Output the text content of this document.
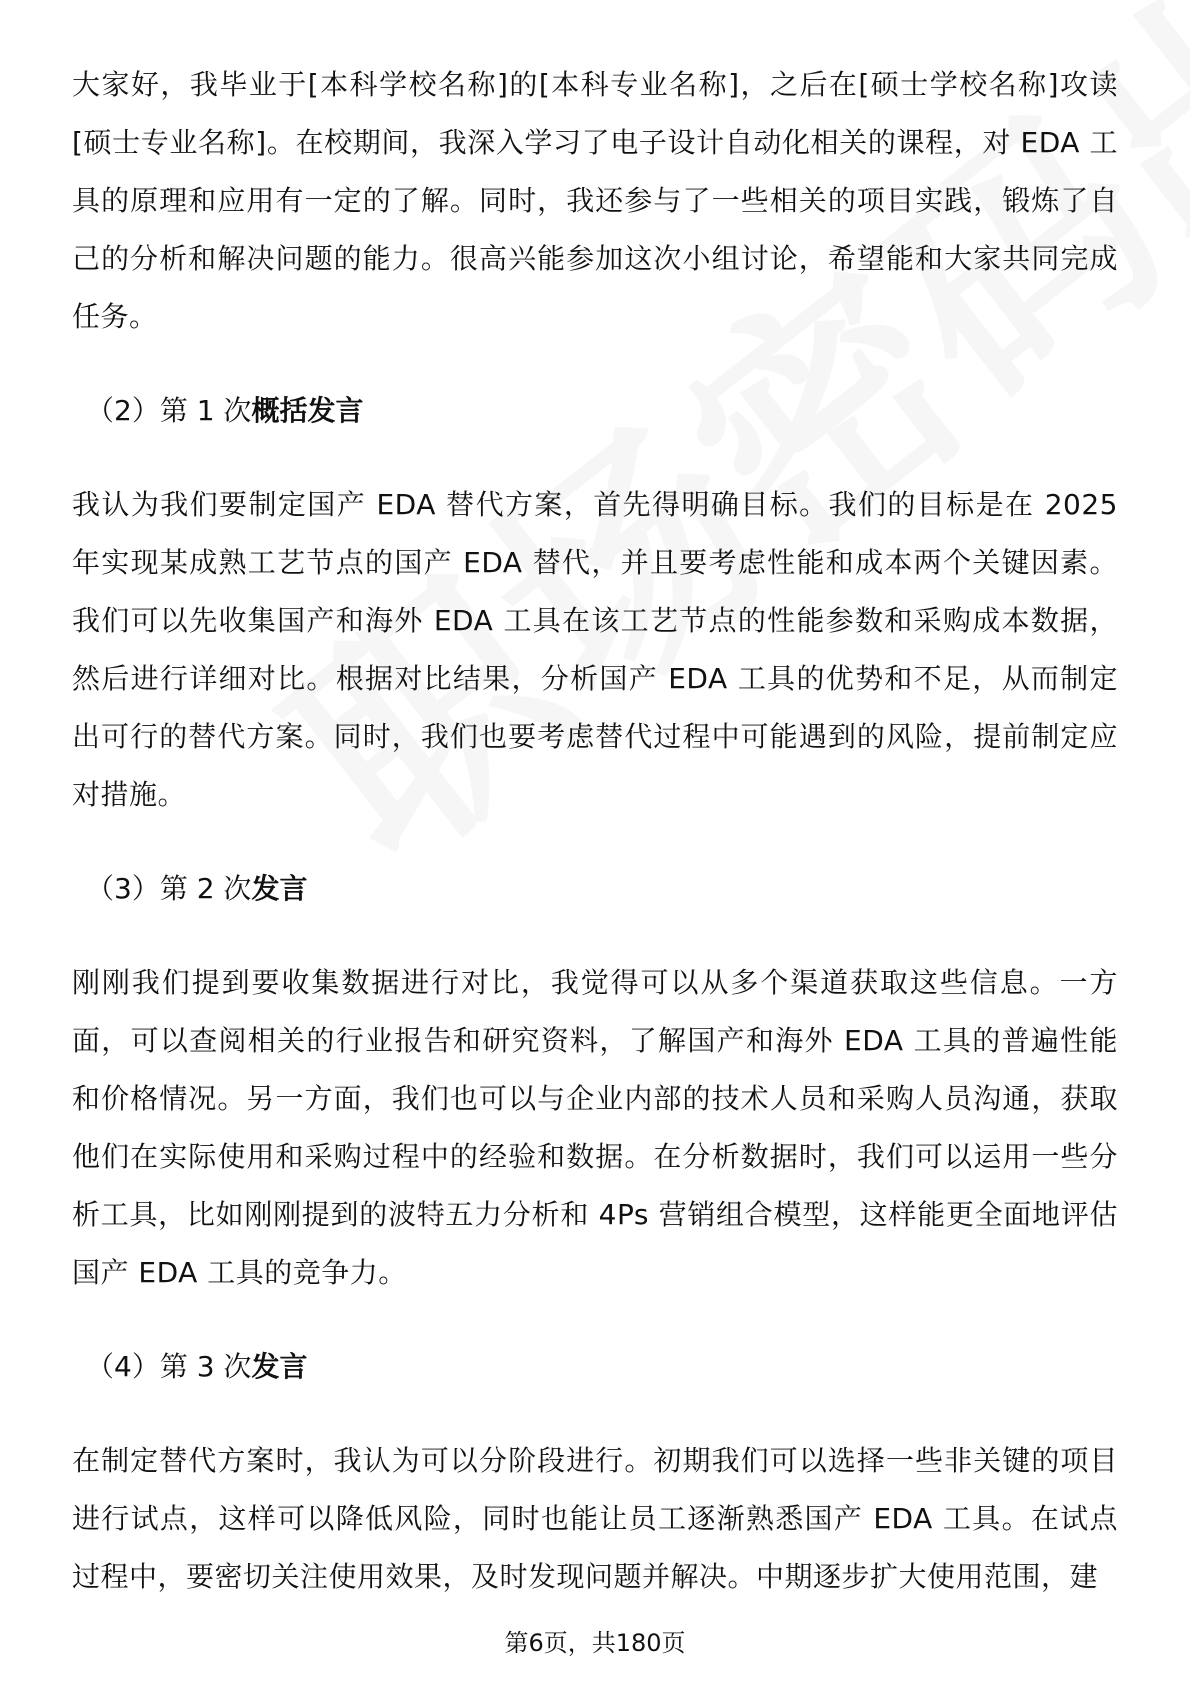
大家好，我毕业于[本科学校名称]的[本科专业名称]，之后在[硕士学校名称]攻读[硕士专业名称]。在校期间，我深入学习了电子设计自动化相关的课程，对 EDA 工具的原理和应用有一定的了解。同时，我还参与了一些相关的项目实践，锻炼了自己的分析和解决问题的能力。很高兴能参加这次小组讨论，希望能和大家共同完成任务。

（2）第 1 次概括发言

我认为我们要制定国产 EDA 替代方案，首先得明确目标。我们的目标是在 2025 年实现某成熟工艺节点的国产 EDA 替代，并且要考虑性能和成本两个关键因素。我们可以先收集国产和海外 EDA 工具在该工艺节点的性能参数和采购成本数据，然后进行详细对比。根据对比结果，分析国产 EDA 工具的优势和不足，从而制定出可行的替代方案。同时，我们也要考虑替代过程中可能遇到的风险，提前制定应对措施。

（3）第 2 次发言

刚刚我们提到要收集数据进行对比，我觉得可以从多个渠道获取这些信息。一方面，可以查阅相关的行业报告和研究资料，了解国产和海外 EDA 工具的普遍性能和价格情况。另一方面，我们也可以与企业内部的技术人员和采购人员沟通，获取他们在实际使用和采购过程中的经验和数据。在分析数据时，我们可以运用一些分析工具，比如刚刚提到的波特五力分析和 4Ps 营销组合模型，这样能更全面地评估国产 EDA 工具的竞争力。

（4）第 3 次发言

在制定替代方案时，我认为可以分阶段进行。初期我们可以选择一些非关键的项目进行试点，这样可以降低风险，同时也能让员工逐渐熟悉国产 EDA 工具。在试点过程中，要密切关注使用效果，及时发现问题并解决。中期逐步扩大使用范围，建

第6页，共180页
